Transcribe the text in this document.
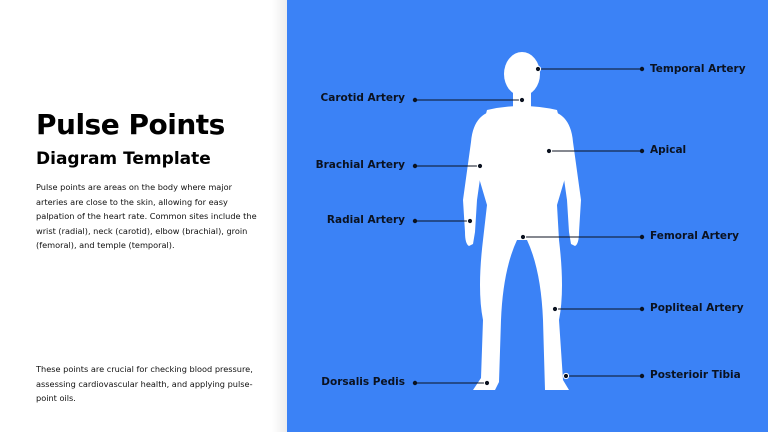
Pulse Points
Diagram Template
Pulse points are areas on the body where major arteries are close to the skin, allowing for easy palpation of the heart rate. Common sites include the wrist (radial), neck (carotid), elbow (brachial), groin (femoral), and temple (temporal).
These points are crucial for checking blood pressure, assessing cardiovascular health, and applying pulse-point oils.
Carotid Artery
Brachial Artery
Radial Artery
Dorsalis Pedis
Temporal Artery
Apical
Femoral Artery
Popliteal Artery
Posterioir Tibia
